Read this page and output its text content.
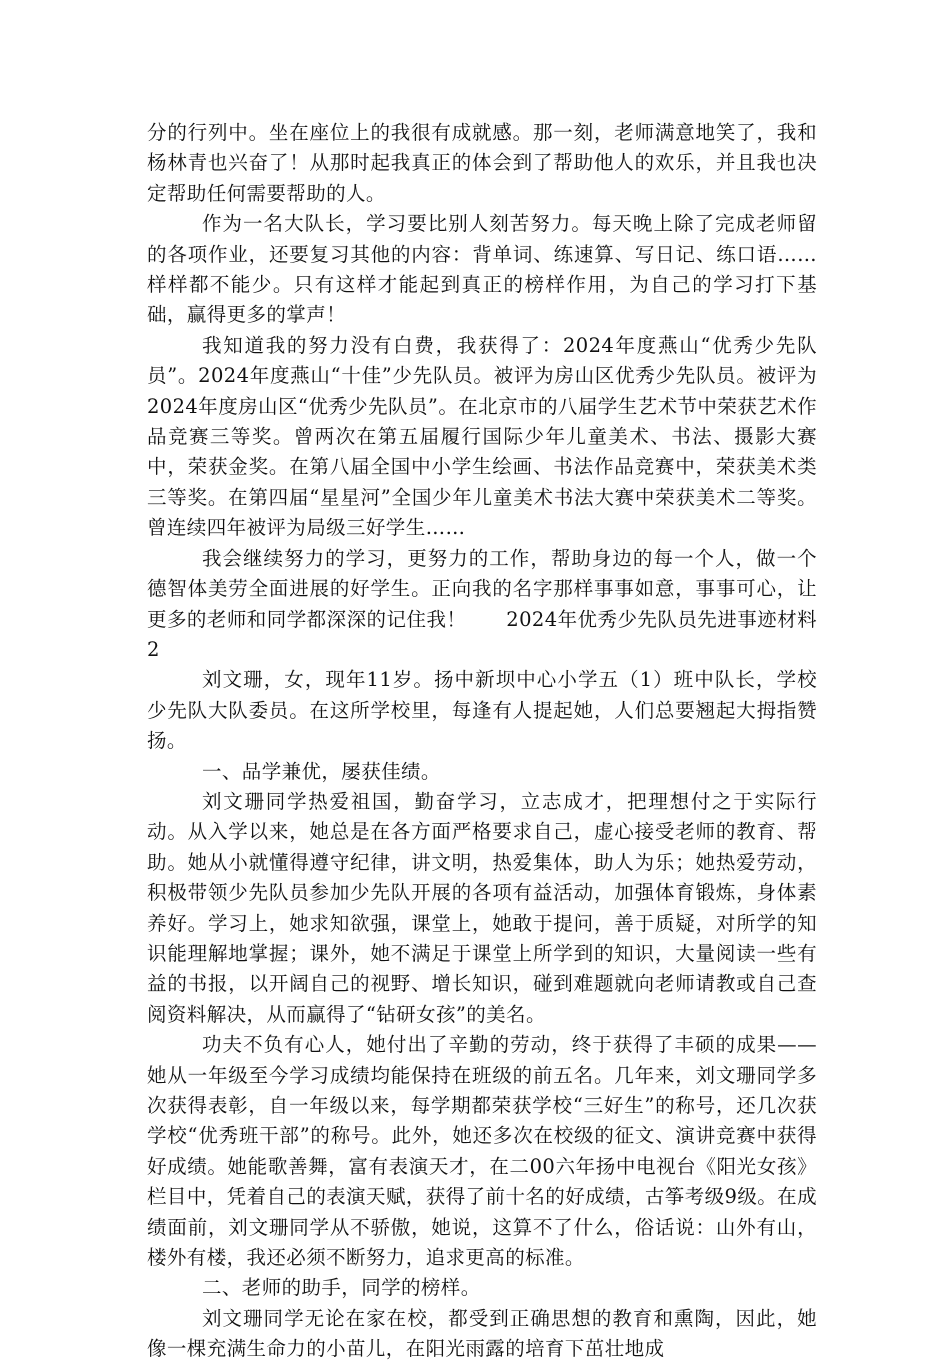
分的行列中。坐在座位上的我很有成就感。那一刻，老师满意地笑了，我和杨林青也兴奋了！从那时起我真正的体会到了帮助他人的欢乐，并且我也决定帮助任何需要帮助的人。

作为一名大队长，学习要比别人刻苦努力。每天晚上除了完成老师留的各项作业，还要复习其他的内容：背单词、练速算、写日记、练口语……样样都不能少。只有这样才能起到真正的榜样作用，为自己的学习打下基础，赢得更多的掌声！

我知道我的努力没有白费，我获得了：2024年度燕山“优秀少先队员”。2024年度燕山“十佳”少先队员。被评为房山区优秀少先队员。被评为2024年度房山区“优秀少先队员”。在北京市的八届学生艺术节中荣获艺术作品竞赛三等奖。曾两次在第五届履行国际少年儿童美术、书法、摄影大赛中，荣获金奖。在第八届全国中小学生绘画、书法作品竞赛中，荣获美术类三等奖。在第四届“星星河”全国少年儿童美术书法大赛中荣获美术二等奖。曾连续四年被评为局级三好学生……

我会继续努力的学习，更努力的工作，帮助身边的每一个人，做一个德智体美劳全面进展的好学生。正向我的名字那样事事如意，事事可心，让更多的老师和同学都深深的记住我！　　2024年优秀少先队员先进事迹材料2

刘文珊，女，现年11岁。扬中新坝中心小学五（1）班中队长，学校少先队大队委员。在这所学校里，每逢有人提起她，人们总要翘起大拇指赞扬。

一、品学兼优，屡获佳绩。

刘文珊同学热爱祖国，勤奋学习，立志成才，把理想付之于实际行动。从入学以来，她总是在各方面严格要求自己，虚心接受老师的教育、帮助。她从小就懂得遵守纪律，讲文明，热爱集体，助人为乐；她热爱劳动，积极带领少先队员参加少先队开展的各项有益活动，加强体育锻炼，身体素养好。学习上，她求知欲强，课堂上，她敢于提问，善于质疑，对所学的知识能理解地掌握；课外，她不满足于课堂上所学到的知识，大量阅读一些有益的书报，以开阔自己的视野、增长知识，碰到难题就向老师请教或自己查阅资料解决，从而赢得了“钻研女孩”的美名。

功夫不负有心人，她付出了辛勤的劳动，终于获得了丰硕的成果——她从一年级至今学习成绩均能保持在班级的前五名。几年来，刘文珊同学多次获得表彰，自一年级以来，每学期都荣获学校“三好生”的称号，还几次获学校“优秀班干部”的称号。此外，她还多次在校级的征文、演讲竞赛中获得好成绩。她能歌善舞，富有表演天才，在二00六年扬中电视台《阳光女孩》栏目中，凭着自己的表演天赋，获得了前十名的好成绩，古筝考级9级。在成绩面前，刘文珊同学从不骄傲，她说，这算不了什么，俗话说：山外有山，楼外有楼，我还必须不断努力，追求更高的标准。

二、老师的助手，同学的榜样。

刘文珊同学无论在家在校，都受到正确思想的教育和熏陶，因此，她像一棵充满生命力的小苗儿，在阳光雨露的培育下茁壮地成
